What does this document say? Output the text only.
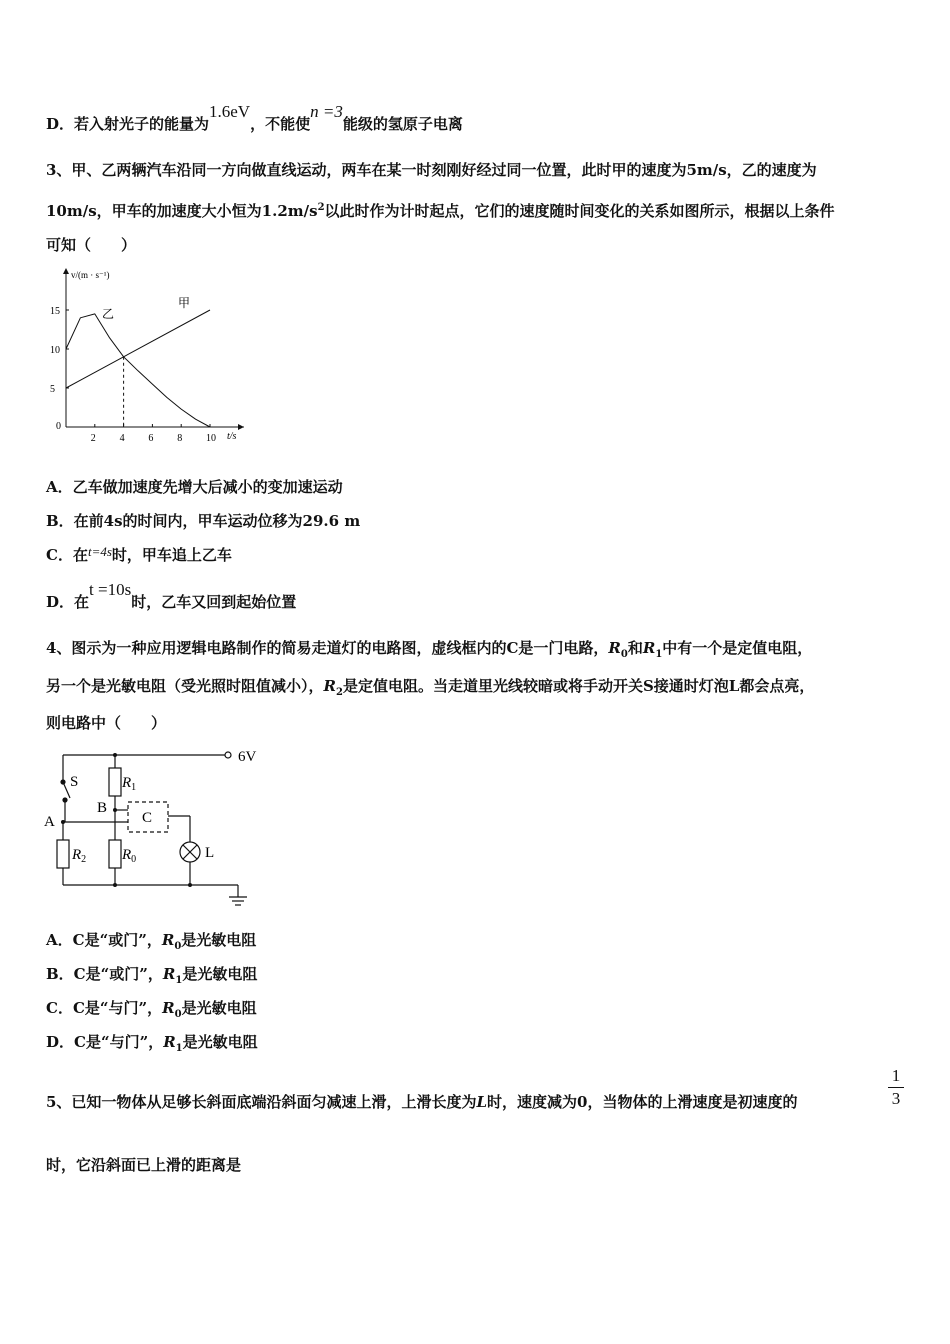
D．若入射光子的能量为1.6eV，不能使n =3能级的氢原子电离
3、甲、乙两辆汽车沿同一方向做直线运动，两车在某一时刻刚好经过同一位置，此时甲的速度为5m/s，乙的速度为
10m/s，甲车的加速度大小恒为$1.2m/s^2$以此时作为计时起点，它们的速度随时间变化的关系如图所示，根据以上条件
可知（　　）
0
2 4 6 8 10
5
10
15
v/(m · s⁻¹)
t/s
甲
乙
A．乙车做加速度先增大后减小的变加速运动
B．在前4s的时间内，甲车运动位移为29.6 m
C．在t=4s时，甲车追上乙车
D．在t =10s时，乙车又回到起始位置
4、图示为一种应用逻辑电路制作的简易走道灯的电路图，虚线框内的C是一门电路，$R_0$和$R_1$中有一个是定值电阻，
另一个是光敏电阻（受光照时阻值减小），$R_2$是定值电阻。当走道里光线较暗或将手动开关S接通时灯泡L都会点亮，
则电路中（　　）
6V
S
A
B
C
L
$R_1$
$R_2$ $R_0$
A．C是“或门”，$R_0$是光敏电阻
B．C是“或门”，$R_1$是光敏电阻
C．C是“与门”，$R_0$是光敏电阻
D．C是“与门”，$R_1$是光敏电阻
5、已知一物体从足够长斜面底端沿斜面匀减速上滑，上滑长度为L时，速度减为0，当物体的上滑速度是初速度的
1
3
时，它沿斜面已上滑的距离是
